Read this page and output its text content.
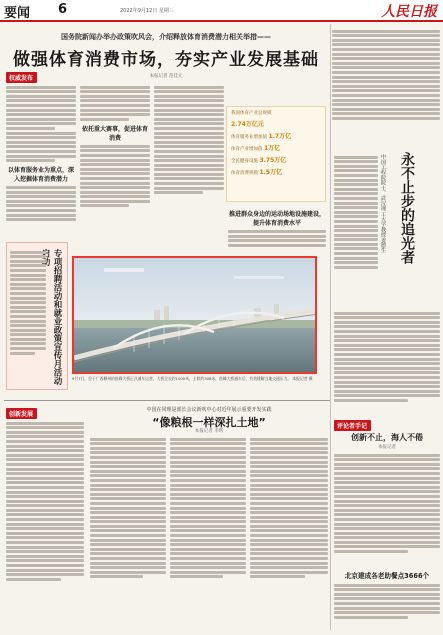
要闻 6	2022年9月12日 星期三	人民日报
国务院新闻办举办政策吹风会，介绍释放体育消费潜力相关举措——
做强体育消费市场，夯实产业发展基础
本报记者 范佳元
权威发布
以体育服务业为重点，深入挖掘体育消费潜力
依托重大赛事，促进体育消费
我国体育产业总规模
2.74万亿元
体育服务业增加值 1.7万亿
体育产业增加值 1万亿
全民健身设施 3.75万亿
体育消费规模 1.5万亿
推进群众身边的运动场地设施建设，提升体育消费水平
专项招聘活动和就业政策宣传月活动	9月7日，位于广西柳州的鱼峰大桥正式通车运营，大桥全长约1000米，主跨约308米，鱼峰大桥通车后，有效缓解当地交通压力。 本报记者 摄
永不止步的追光者
中国工程院院士、武汉理工大学教授姜德生
评论者手记
创新不止，海人不倦
本报记者
北京建成各老助餐点3666个
创新发展
中国在同理是部长会议新吹中心对近年展示重要开发实践
“像粮根一样深扎土地”
本报记者 李明
